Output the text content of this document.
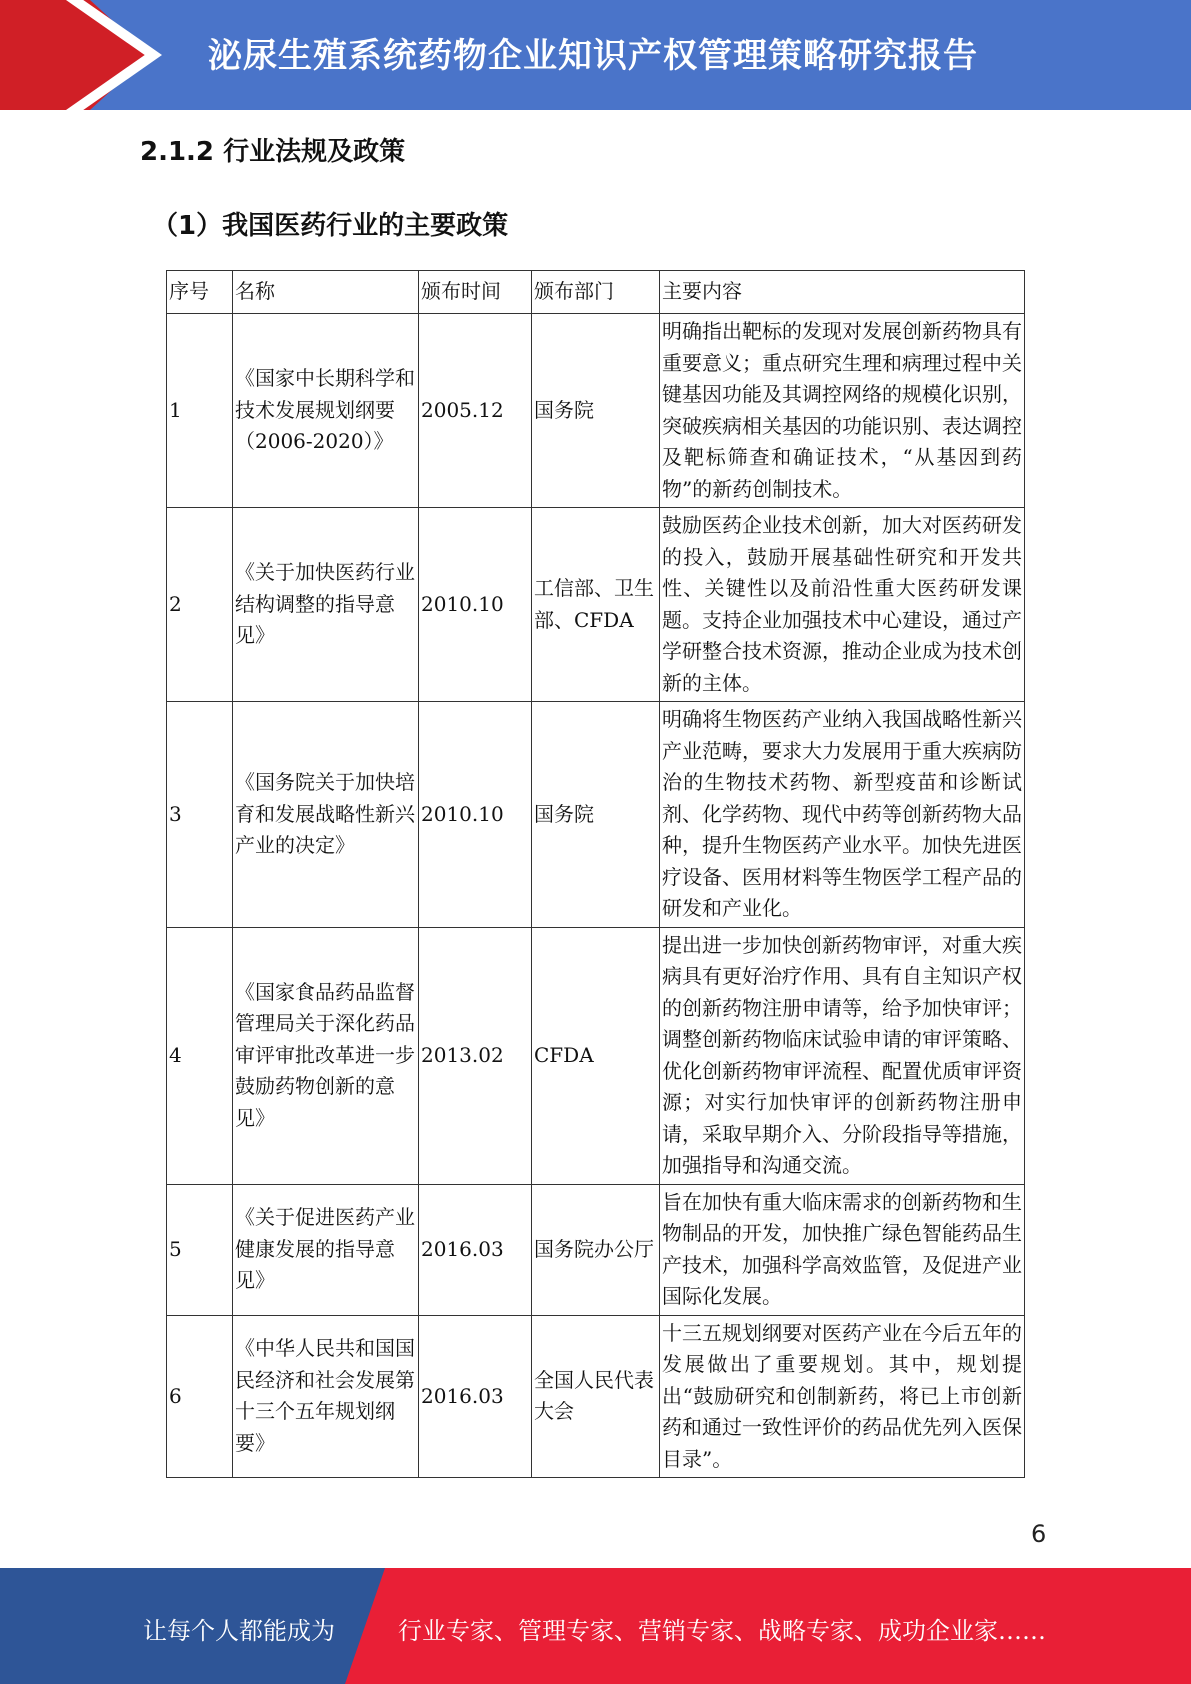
泌尿生殖系统药物企业知识产权管理策略研究报告
2.1.2 行业法规及政策
（1）我国医药行业的主要政策
序号	名称	颁布时间	颁布部门	主要内容
1	《国家中长期科学和技术发展规划纲要（2006-2020）》	2005.12	国务院	明确指出靶标的发现对发展创新药物具有重要意义；重点研究生理和病理过程中关键基因功能及其调控网络的规模化识别，突破疾病相关基因的功能识别、表达调控及靶标筛查和确证技术，“从基因到药物”的新药创制技术。
2	《关于加快医药行业结构调整的指导意见》	2010.10	工信部、卫生部、CFDA	鼓励医药企业技术创新，加大对医药研发的投入，鼓励开展基础性研究和开发共性、关键性以及前沿性重大医药研发课题。支持企业加强技术中心建设，通过产学研整合技术资源，推动企业成为技术创新的主体。
3	《国务院关于加快培育和发展战略性新兴产业的决定》	2010.10	国务院	明确将生物医药产业纳入我国战略性新兴产业范畴，要求大力发展用于重大疾病防治的生物技术药物、新型疫苗和诊断试剂、化学药物、现代中药等创新药物大品种，提升生物医药产业水平。加快先进医疗设备、医用材料等生物医学工程产品的研发和产业化。
4	《国家食品药品监督管理局关于深化药品审评审批改革进一步鼓励药物创新的意见》	2013.02	CFDA	提出进一步加快创新药物审评，对重大疾病具有更好治疗作用、具有自主知识产权的创新药物注册申请等，给予加快审评；调整创新药物临床试验申请的审评策略、优化创新药物审评流程、配置优质审评资源；对实行加快审评的创新药物注册申请，采取早期介入、分阶段指导等措施，加强指导和沟通交流。
5	《关于促进医药产业健康发展的指导意见》	2016.03	国务院办公厅	旨在加快有重大临床需求的创新药物和生物制品的开发，加快推广绿色智能药品生产技术，加强科学高效监管，及促进产业国际化发展。
6	《中华人民共和国国民经济和社会发展第十三个五年规划纲要》	2016.03	全国人民代表大会	十三五规划纲要对医药产业在今后五年的发展做出了重要规划。其中，规划提出“鼓励研究和创制新药，将已上市创新药和通过一致性评价的药品优先列入医保目录”。
6
让每个人都能成为	行业专家、管理专家、营销专家、战略专家、成功企业家……
